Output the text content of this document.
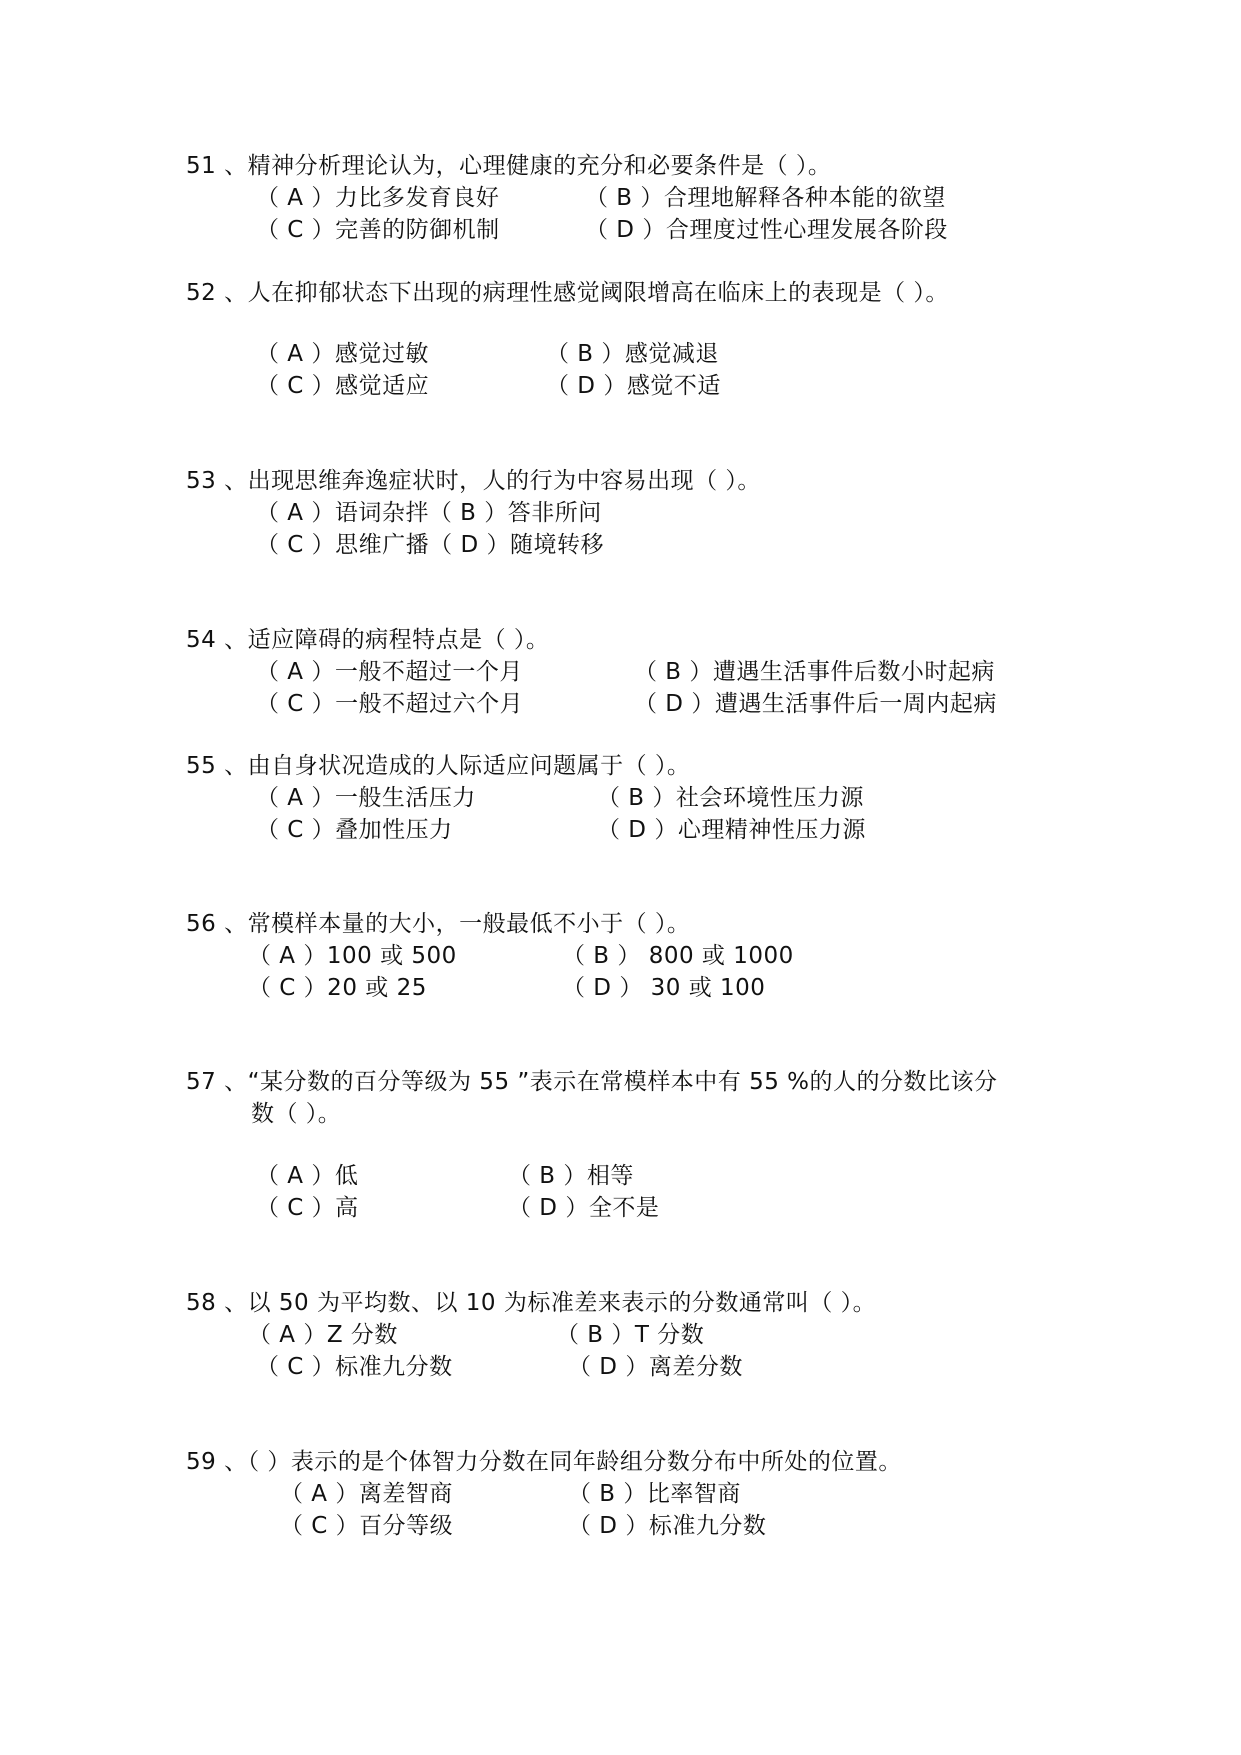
51 、精神分析理论认为，心理健康的充分和必要条件是（ ）。
（ A ）力比多发育良好	（ B ）合理地解释各种本能的欲望
（ C ）完善的防御机制	（ D ）合理度过性心理发展各阶段
52 、人在抑郁状态下出现的病理性感觉阈限增高在临床上的表现是（ ）。
（ A ）感觉过敏	（ B ）感觉减退
（ C ）感觉适应	（ D ）感觉不适
53 、出现思维奔逸症状时，人的行为中容易出现（ ）。
（ A ）语词杂拌（ B ）答非所问
（ C ）思维广播（ D ）随境转移
54 、适应障碍的病程特点是（ ）。
（ A ）一般不超过一个月	（ B ）遭遇生活事件后数小时起病
（ C ）一般不超过六个月	（ D ）遭遇生活事件后一周内起病
55 、由自身状况造成的人际适应问题属于（ ）。
（ A ）一般生活压力	（ B ）社会环境性压力源
（ C ）叠加性压力	（ D ）心理精神性压力源
56 、常模样本量的大小，一般最低不小于（ ）。
（ A ）100 或 500	（ B ） 800 或 1000
（ C ）20 或 25	（ D ） 30 或 100
57 、“某分数的百分等级为 55 ”表示在常模样本中有 55 %的人的分数比该分
数（ ）。
（ A ）低	（ B ）相等
（ C ）高	（ D ）全不是
58 、以 50 为平均数、以 10 为标准差来表示的分数通常叫（ ）。
（ A ）Z 分数	（ B ）T 分数
（ C ）标准九分数	（ D ）离差分数
59 、（ ）表示的是个体智力分数在同年龄组分数分布中所处的位置。
（ A ）离差智商	（ B ）比率智商
（ C ）百分等级	（ D ）标准九分数
